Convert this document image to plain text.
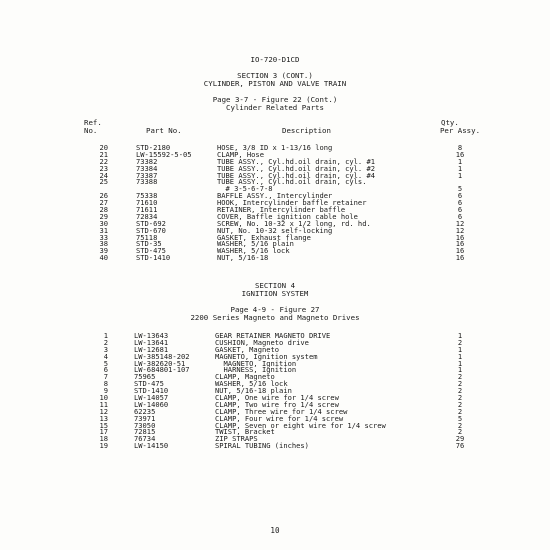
IO-720-D1CD
SECTION 3 (CONT.)
CYLINDER, PISTON AND VALVE TRAIN
Page 3-7 - Figure 22 (Cont.)
Cylinder Related Parts
Ref.
No.	Part No.	Description
Qty.
Per Assy.
20	STD-2180	HOSE, 3/8 ID x 1-13/16 long	8
21	LW-15592-5-05	CLAMP, Hose	16
22	73382	TUBE ASSY., Cyl.hd.oil drain, cyl. #1	1
23	73384	TUBE ASSY., Cyl.hd.oil drain, cyl. #2	1
24	73387	TUBE ASSY., Cyl.hd.oil drain, cyl. #4	1
25	73388	TUBE ASSY., Cyl.hd.oil drain, cyls.
# 3-5-6-7-8	5
26	75338	BAFFLE ASSY., Intercylinder	6
27	71610	HOOK, Intercylinder baffle retainer	6
28	71611	RETAINER, Intercylinder baffle	6
29	72834	COVER, Baffle ignition cable hole	6
30	STD-692	SCREW, No. 10-32 x 1/2 long, rd. hd.	12
31	STD-670	NUT, No. 10-32 self-locking	12
33	75118	GASKET, Exhaust flange	16
38	STD-35	WASHER, 5/16 plain	16
39	STD-475	WASHER, 5/16 lock	16
40	STD-1410	NUT, 5/16-18	16
SECTION 4
IGNITION SYSTEM
Page 4-9 - Figure 27
2200 Series Magneto and Magneto Drives
1	LW-13643	GEAR RETAINER MAGNETO DRIVE	1
2	LW-13641	CUSHION, Magneto drive	2
3	LW-12681	GASKET, Magneto	1
4	LW-385148-202	MAGNETO, Ignition system	1
5	LW-382620-51	MAGNETO, Ignition	1
6	LW-684801-107	HARNESS, Ignition	1
7	75965	CLAMP, Magneto	2
8	STD-475	WASHER, 5/16 lock	2
9	STD-1410	NUT, 5/16-18 plain	2
10	LW-14057	CLAMP, One wire for 1/4 screw	2
11	LW-14060	CLAMP, Two wire fro 1/4 screw	2
12	62235	CLAMP, Three wire for 1/4 screw	2
13	73971	CLAMP, Four wire for 1/4 screw	5
15	73050	CLAMP, Seven or eight wire for 1/4 screw	2
17	72815	TWIST, Bracket	2
18	76734	ZIP STRAPS	29
19	LW-14150	SPIRAL TUBING (inches)	76
10
